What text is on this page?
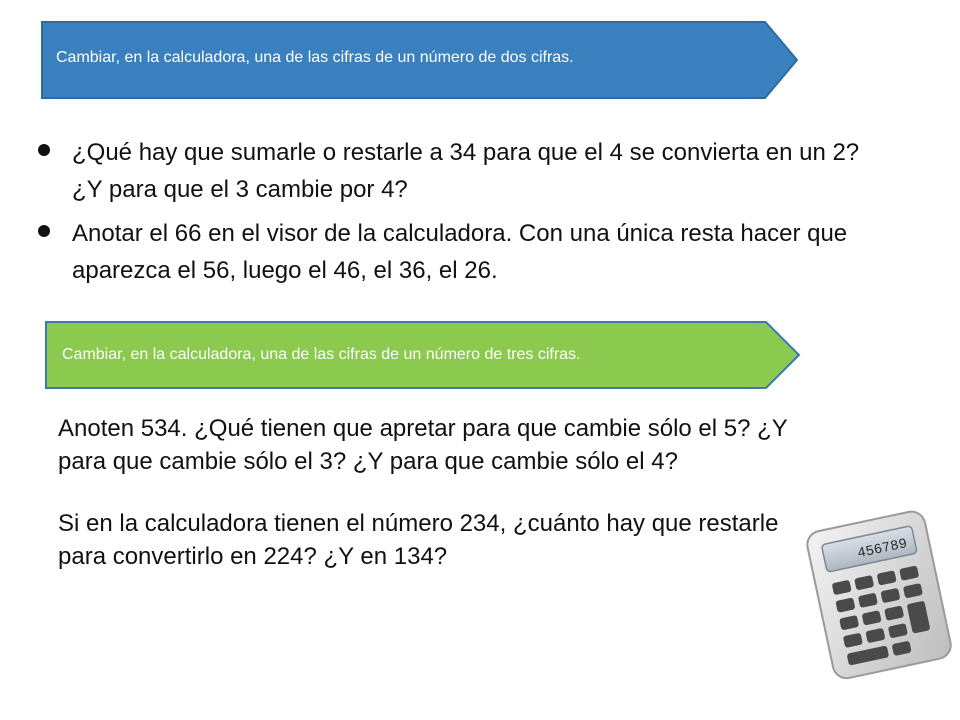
Cambiar, en la calculadora, una de las cifras de un número de dos cifras.
¿Qué hay que sumarle o restarle a 34 para que el 4 se convierta en un 2? ¿Y para que el 3 cambie por 4?
Anotar el 66 en el visor de la calculadora. Con una única resta hacer que aparezca el 56, luego el 46, el 36, el 26.
Cambiar, en la calculadora, una de las cifras de un número de tres cifras.

Anoten 534. ¿Qué tienen que apretar para que cambie sólo el 5? ¿Y para que cambie sólo el 3? ¿Y para que cambie sólo el 4?

Si en la calculadora tienen el número 234, ¿cuánto hay que restarle para convertirlo en 224? ¿Y en 134?	456789
